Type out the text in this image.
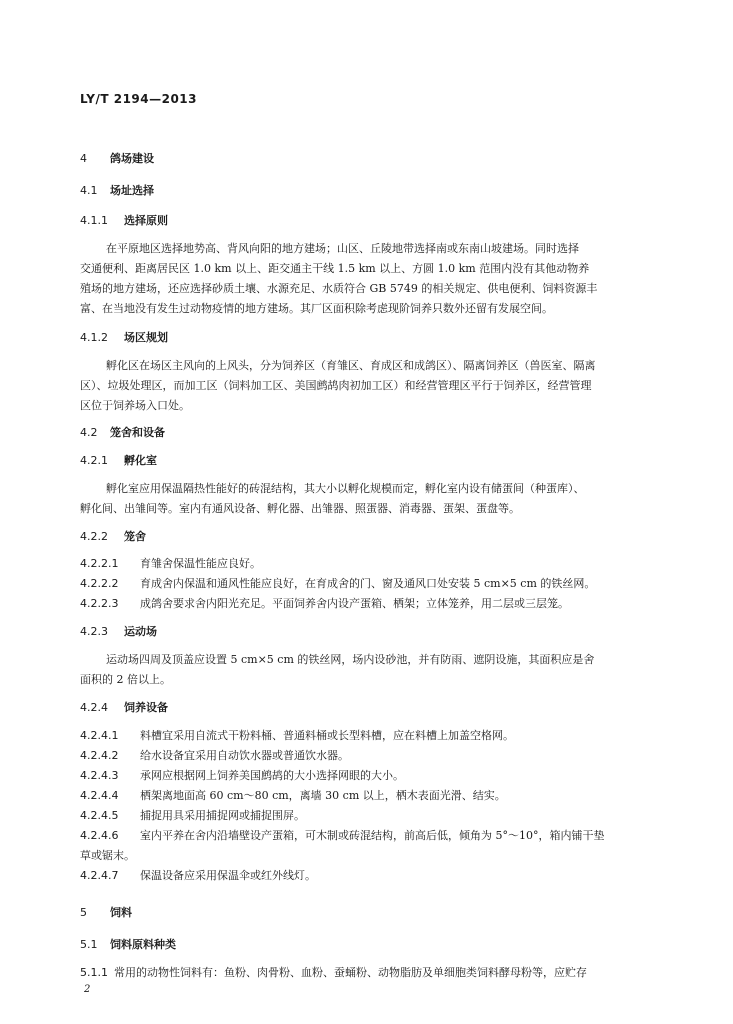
LY/T 2194—2013
4 鸽场建设
4.1 场址选择
4.1.1 选择原则
在平原地区选择地势高、背风向阳的地方建场；山区、丘陵地带选择南或东南山坡建场。同时选择
交通便利、距离居民区 1.0 km 以上、距交通主干线 1.5 km 以上、方圆 1.0 km 范围内没有其他动物养
殖场的地方建场，还应选择砂质土壤、水源充足、水质符合 GB 5749 的相关规定、供电便利、饲料资源丰
富、在当地没有发生过动物疫情的地方建场。其厂区面积除考虑现阶饲养只数外还留有发展空间。
4.1.2 场区规划
孵化区在场区主风向的上风头，分为饲养区（育雏区、育成区和成鸽区）、隔离饲养区（兽医室、隔离
区）、垃圾处理区，而加工区（饲料加工区、美国鹧鸪肉初加工区）和经营管理区平行于饲养区，经营管理
区位于饲养场入口处。
4.2 笼舍和设备
4.2.1 孵化室
孵化室应用保温隔热性能好的砖混结构，其大小以孵化规模而定，孵化室内设有储蛋间（种蛋库）、
孵化间、出雏间等。室内有通风设备、孵化器、出雏器、照蛋器、消毒器、蛋架、蛋盘等。
4.2.2 笼舍
4.2.2.1 育雏舍保温性能应良好。
4.2.2.2 育成舍内保温和通风性能应良好，在育成舍的门、窗及通风口处安装 5 cm×5 cm 的铁丝网。
4.2.2.3 成鸽舍要求舍内阳光充足。平面饲养舍内设产蛋箱、栖架；立体笼养，用二层或三层笼。
4.2.3 运动场
运动场四周及顶盖应设置 5 cm×5 cm 的铁丝网，场内设砂池，并有防雨、遮阴设施，其面积应是舍
面积的 2 倍以上。
4.2.4 饲养设备
4.2.4.1 料槽宜采用自流式干粉料桶、普通料桶或长型料槽，应在料槽上加盖空格网。
4.2.4.2 给水设备宜采用自动饮水器或普通饮水器。
4.2.4.3 承网应根据网上饲养美国鹧鸪的大小选择网眼的大小。
4.2.4.4 栖架离地面高 60 cm～80 cm，离墙 30 cm 以上，栖木表面光滑、结实。
4.2.4.5 捕捉用具采用捕捉网或捕捉围屏。
4.2.4.6 室内平养在舍内沿墙壁设产蛋箱，可木制或砖混结构，前高后低，倾角为 5°～10°，箱内铺干垫
草或锯末。
4.2.4.7 保温设备应采用保温伞或红外线灯。
5 饲料
5.1 饲料原料种类
5.1.1 常用的动物性饲料有：鱼粉、肉骨粉、血粉、蚕蛹粉、动物脂肪及单细胞类饲料酵母粉等，应贮存
2
